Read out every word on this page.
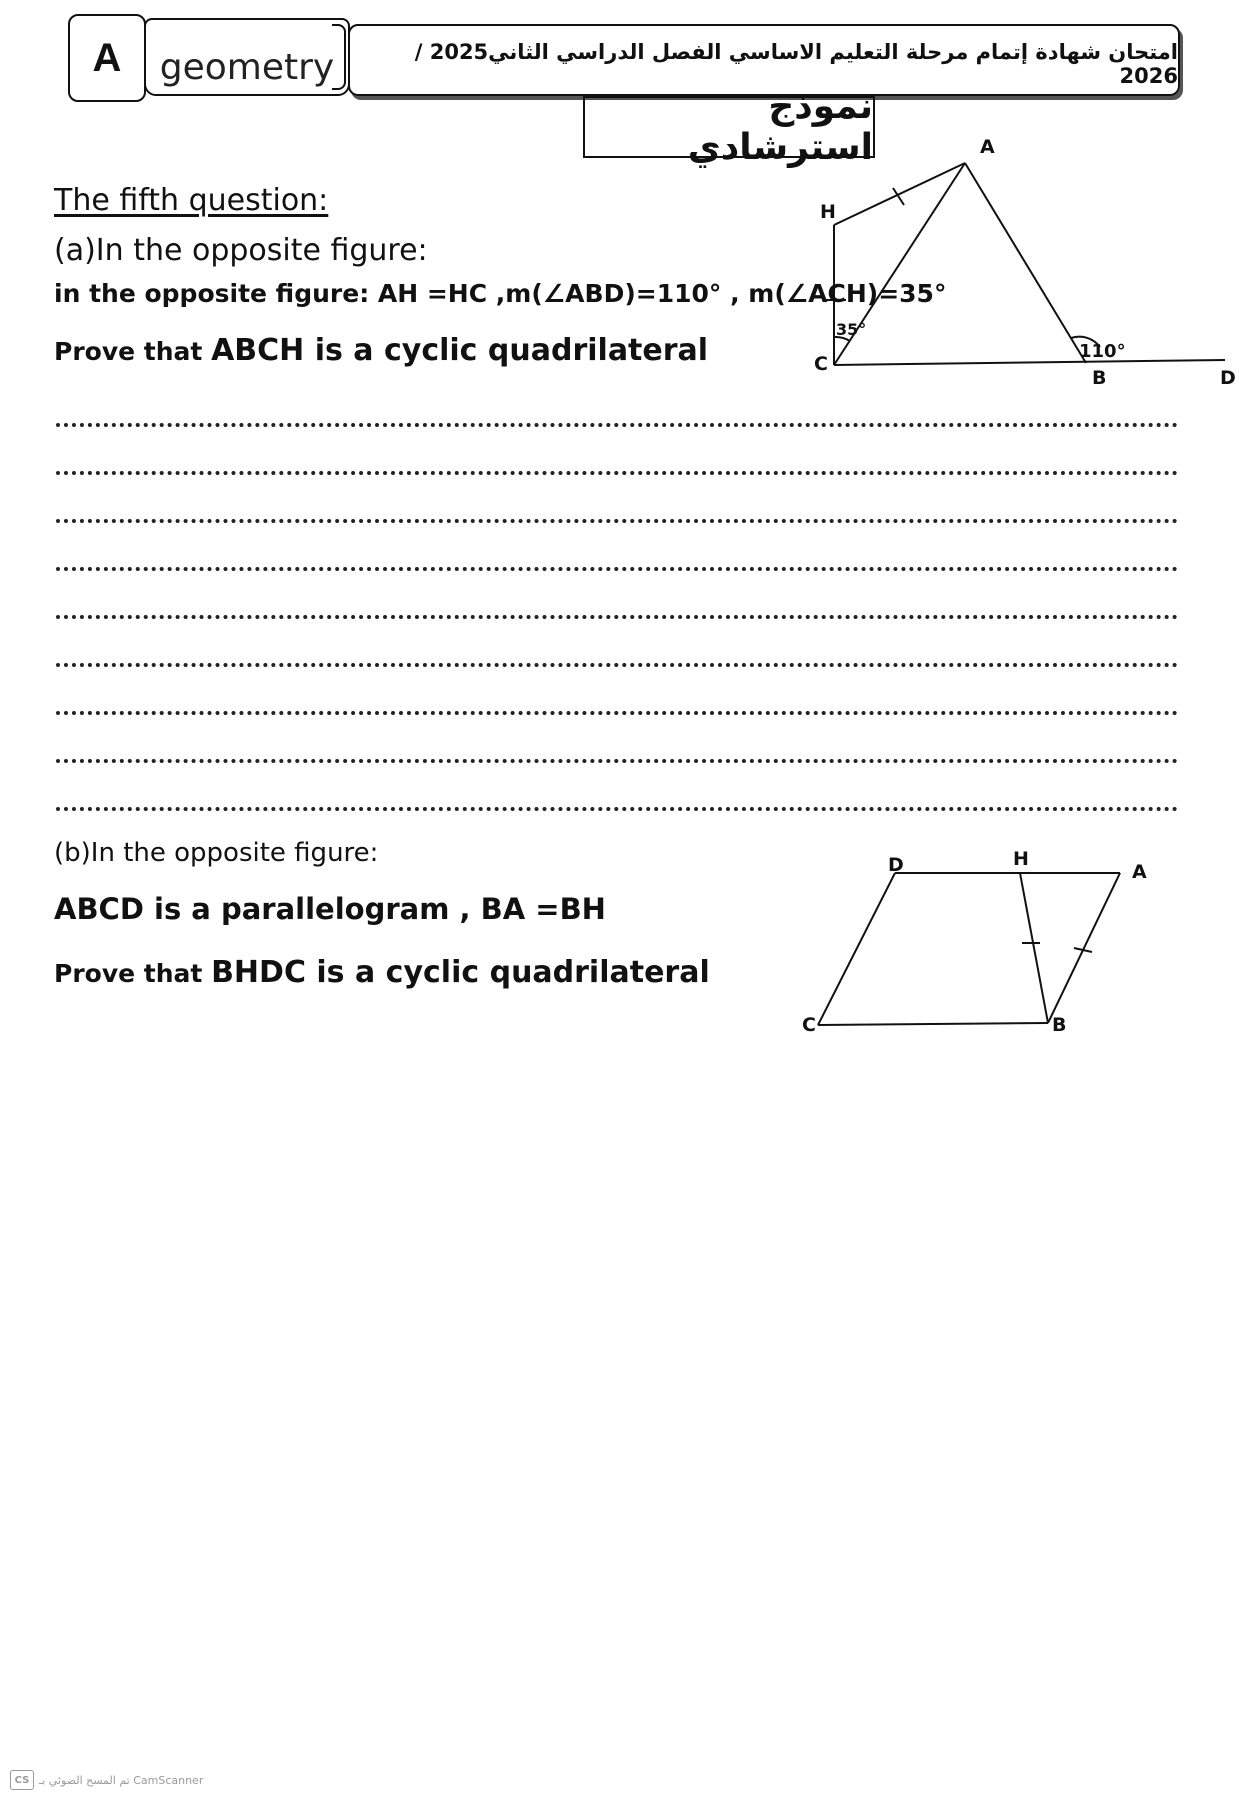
A	geometry	امتحان شهادة إتمام مرحلة التعليم الاساسي الفصل الدراسي الثاني2025 / 2026
نموذج استرشادي
The fifth question:
(a)In the opposite figure:
in the opposite figure: AH =HC ,m(∠ABD)=110° , m(∠ACH)=35°
Prove that ABCH is a cyclic quadrilateral
A
H
C
B	D
35°
110°
(b)In the opposite figure:
ABCD is a parallelogram , BA =BH
Prove that BHDC is a cyclic quadrilateral
D	H
A
C	B
CS تم المسح الضوئي بـ CamScanner
